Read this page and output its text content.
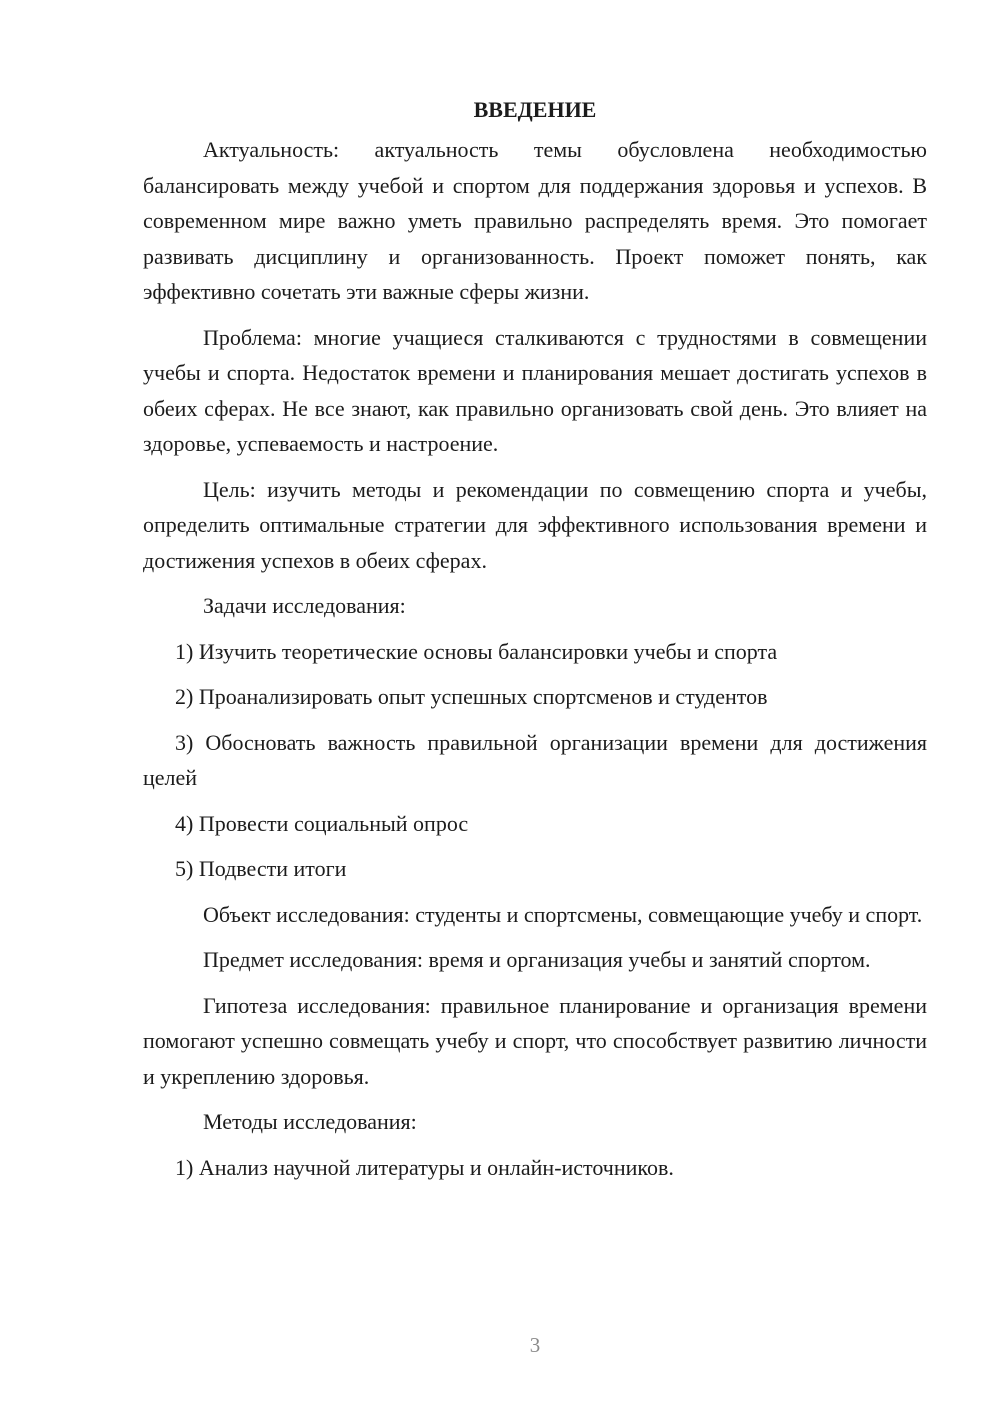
ВВЕДЕНИЕ

Актуальность: актуальность темы обусловлена необходимостью балансировать между учебой и спортом для поддержания здоровья и успехов. В современном мире важно уметь правильно распределять время. Это помогает развивать дисциплину и организованность. Проект поможет понять, как эффективно сочетать эти важные сферы жизни.

Проблема: многие учащиеся сталкиваются с трудностями в совмещении учебы и спорта. Недостаток времени и планирования мешает достигать успехов в обеих сферах. Не все знают, как правильно организовать свой день. Это влияет на здоровье, успеваемость и настроение.

Цель: изучить методы и рекомендации по совмещению спорта и учебы, определить оптимальные стратегии для эффективного использования времени и достижения успехов в обеих сферах.

Задачи исследования:

1) Изучить теоретические основы балансировки учебы и спорта

2) Проанализировать опыт успешных спортсменов и студентов

3) Обосновать важность правильной организации времени для достижения целей

4) Провести социальный опрос

5) Подвести итоги

Объект исследования: студенты и спортсмены, совмещающие учебу и спорт.

Предмет исследования: время и организация учебы и занятий спортом.

Гипотеза исследования: правильное планирование и организация времени помогают успешно совмещать учебу и спорт, что способствует развитию личности и укреплению здоровья.

Методы исследования:

1) Анализ научной литературы и онлайн-источников.

3
